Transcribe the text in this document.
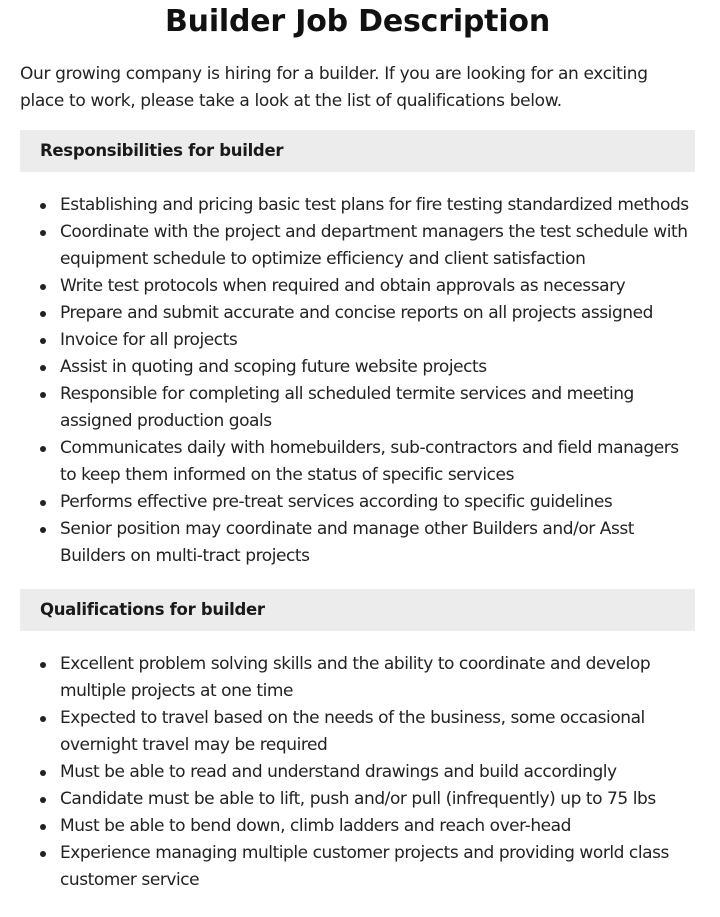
Builder Job Description

Our growing company is hiring for a builder. If you are looking for an exciting place to work, please take a look at the list of qualifications below.

Responsibilities for builder
Establishing and pricing basic test plans for fire testing standardized methods
Coordinate with the project and department managers the test schedule with equipment schedule to optimize efficiency and client satisfaction
Write test protocols when required and obtain approvals as necessary
Prepare and submit accurate and concise reports on all projects assigned
Invoice for all projects
Assist in quoting and scoping future website projects
Responsible for completing all scheduled termite services and meeting assigned production goals
Communicates daily with homebuilders, sub-contractors and field managers to keep them informed on the status of specific services
Performs effective pre-treat services according to specific guidelines
Senior position may coordinate and manage other Builders and/or Asst Builders on multi-tract projects
Qualifications for builder
Excellent problem solving skills and the ability to coordinate and develop multiple projects at one time
Expected to travel based on the needs of the business, some occasional overnight travel may be required
Must be able to read and understand drawings and build accordingly
Candidate must be able to lift, push and/or pull (infrequently) up to 75 lbs
Must be able to bend down, climb ladders and reach over-head
Experience managing multiple customer projects and providing world class customer service
